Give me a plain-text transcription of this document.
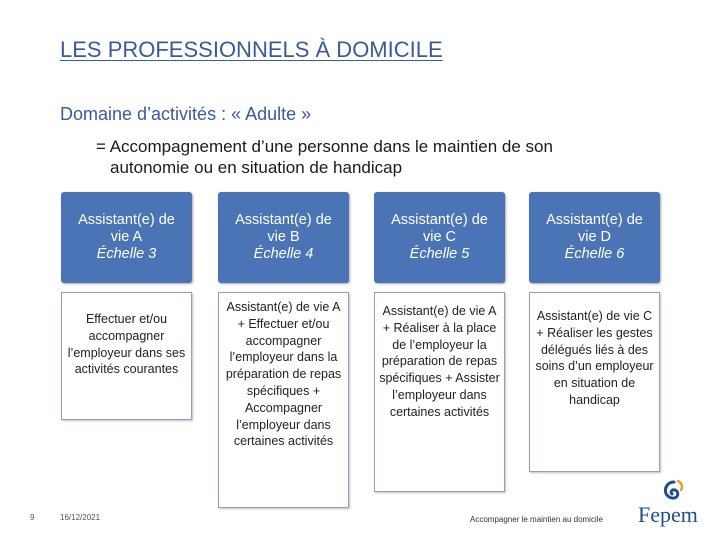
LES PROFESSIONNELS À DOMICILE
Domaine d’activités : « Adulte »
= Accompagnement d’une personne dans le maintien de son
autonomie ou en situation de handicap
Assistant(e) de vie A
Échelle 3
Assistant(e) de vie B
Échelle 4
Assistant(e) de vie C
Échelle 5
Assistant(e) de vie D
Échelle 6
Effectuer et/ou accompagner l’employeur dans ses activités courantes
Assistant(e) de vie A + Effectuer et/ou accompagner l’employeur dans la préparation de repas spécifiques + Accompagner l’employeur dans certaines activités
Assistant(e) de vie A + Réaliser à la place de l’employeur la préparation de repas spécifiques + Assister l’employeur dans certaines activités
Assistant(e) de vie C + Réaliser les gestes délégués liés à des soins d’un employeur en situation de handicap
9	16/12/2021	Accompagner le maintien au domicile	Fepem
